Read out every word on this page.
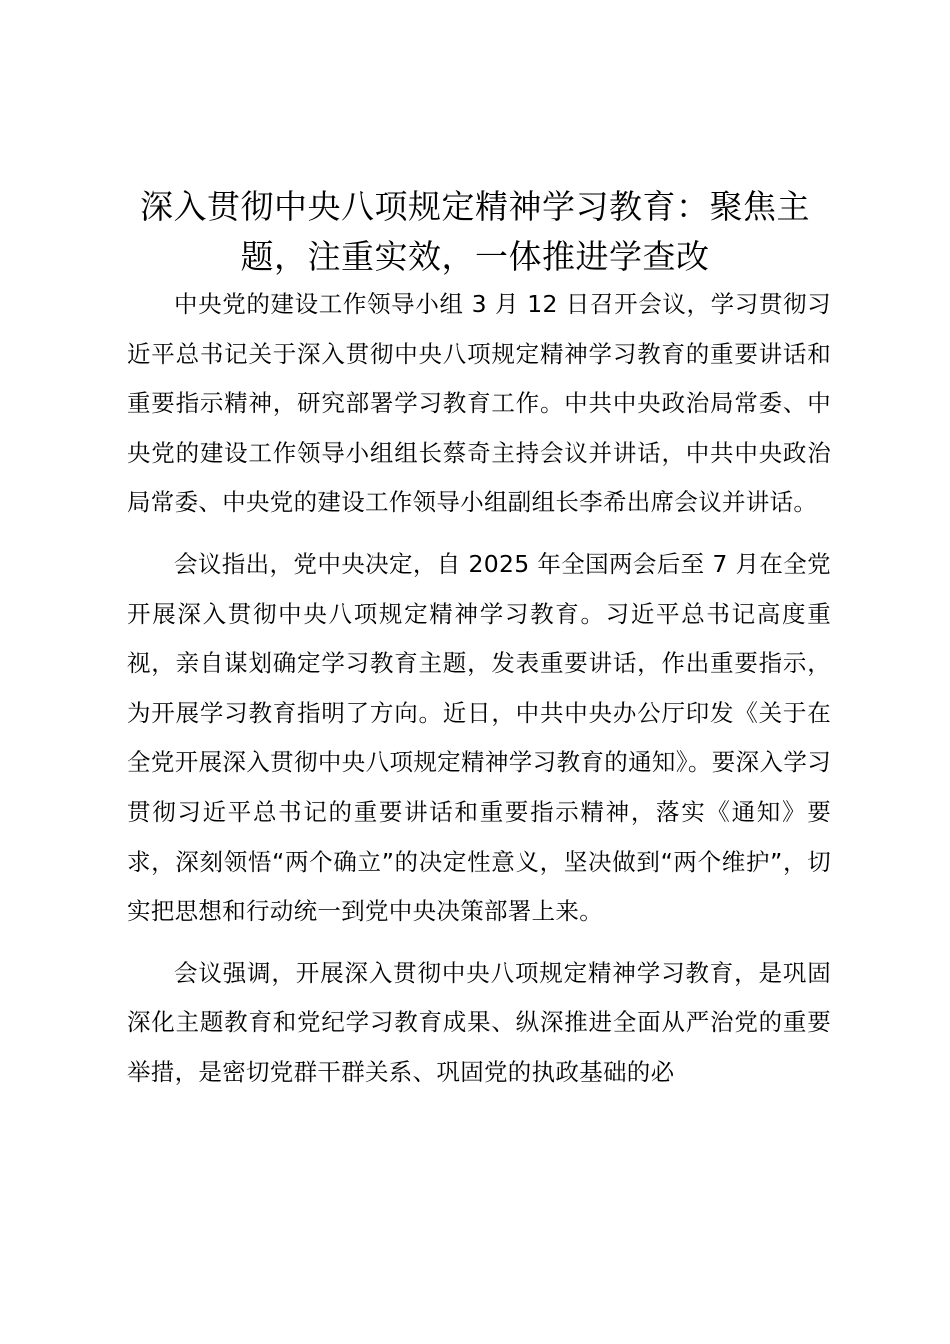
深入贯彻中央八项规定精神学习教育：聚焦主题，注重实效，一体推进学查改

中央党的建设工作领导小组 3 月 12 日召开会议，学习贯彻习近平总书记关于深入贯彻中央八项规定精神学习教育的重要讲话和重要指示精神，研究部署学习教育工作。中共中央政治局常委、中央党的建设工作领导小组组长蔡奇主持会议并讲话，中共中央政治局常委、中央党的建设工作领导小组副组长李希出席会议并讲话。

会议指出，党中央决定，自 2025 年全国两会后至 7 月在全党开展深入贯彻中央八项规定精神学习教育。习近平总书记高度重视，亲自谋划确定学习教育主题，发表重要讲话，作出重要指示，为开展学习教育指明了方向。近日，中共中央办公厅印发《关于在全党开展深入贯彻中央八项规定精神学习教育的通知》。要深入学习贯彻习近平总书记的重要讲话和重要指示精神，落实《通知》要求，深刻领悟“两个确立”的决定性意义，坚决做到“两个维护”，切实把思想和行动统一到党中央决策部署上来。

会议强调，开展深入贯彻中央八项规定精神学习教育，是巩固深化主题教育和党纪学习教育成果、纵深推进全面从严治党的重要举措，是密切党群干群关系、巩固党的执政基础的必
